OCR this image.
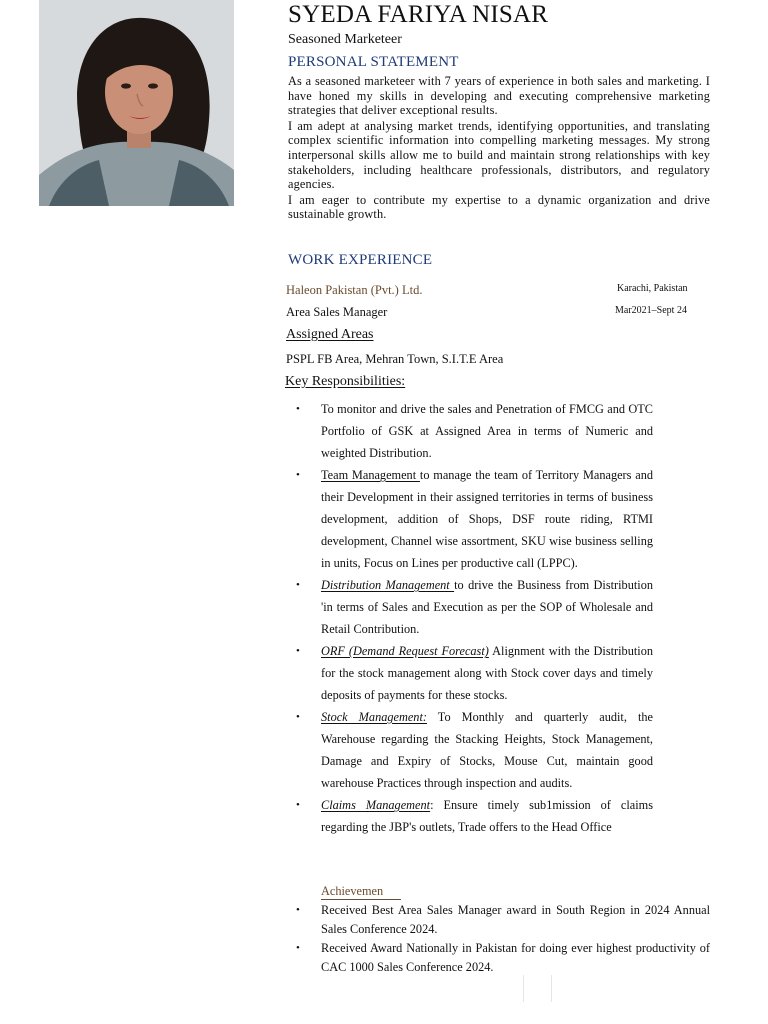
SYEDA FARIYA NISAR
Seasoned Marketeer
PERSONAL STATEMENT

As a seasoned marketeer with 7 years of experience in both sales and marketing. I have honed my skills in developing and executing comprehensive marketing strategies that deliver exceptional results.

I am adept at analysing market trends, identifying opportunities, and translating complex scientific information into compelling marketing messages. My strong interpersonal skills allow me to build and maintain strong relationships with key stakeholders, including healthcare professionals, distributors, and regulatory agencies.

I am eager to contribute my expertise to a dynamic organization and drive sustainable growth.

WORK EXPERIENCE
Haleon Pakistan (Pvt.) Ltd.	Karachi, Pakistan
Area Sales Manager	Mar2021–Sept 24
Assigned Areas
PSPL FB Area, Mehran Town, S.I.T.E Area
Key Responsibilities:
• To monitor and drive the sales and Penetration of FMCG and OTC Portfolio of GSK at Assigned Area in terms of Numeric and weighted Distribution.
• Team Management to manage the team of Territory Managers and their Development in their assigned territories in terms of business development, addition of Shops, DSF route riding, RTMI development, Channel wise assortment, SKU wise business selling in units, Focus on Lines per productive call (LPPC).
• Distribution Management to drive the Business from Distribution 'in terms of Sales and Execution as per the SOP of Wholesale and Retail Contribution.
• ORF (Demand Request Forecast) Alignment with the Distribution for the stock management along with Stock cover days and timely deposits of payments for these stocks.
• Stock Management: To Monthly and quarterly audit, the Warehouse regarding the Stacking Heights, Stock Management, Damage and Expiry of Stocks, Mouse Cut, maintain good warehouse Practices through inspection and audits.
• Claims Management: Ensure timely sub1mission of claims regarding the JBP's outlets, Trade offers to the Head Office
Achievemen
• Received Best Area Sales Manager award in South Region in 2024 Annual Sales Conference 2024.
• Received Award Nationally in Pakistan for doing ever highest productivity of CAC 1000 Sales Conference 2024.
